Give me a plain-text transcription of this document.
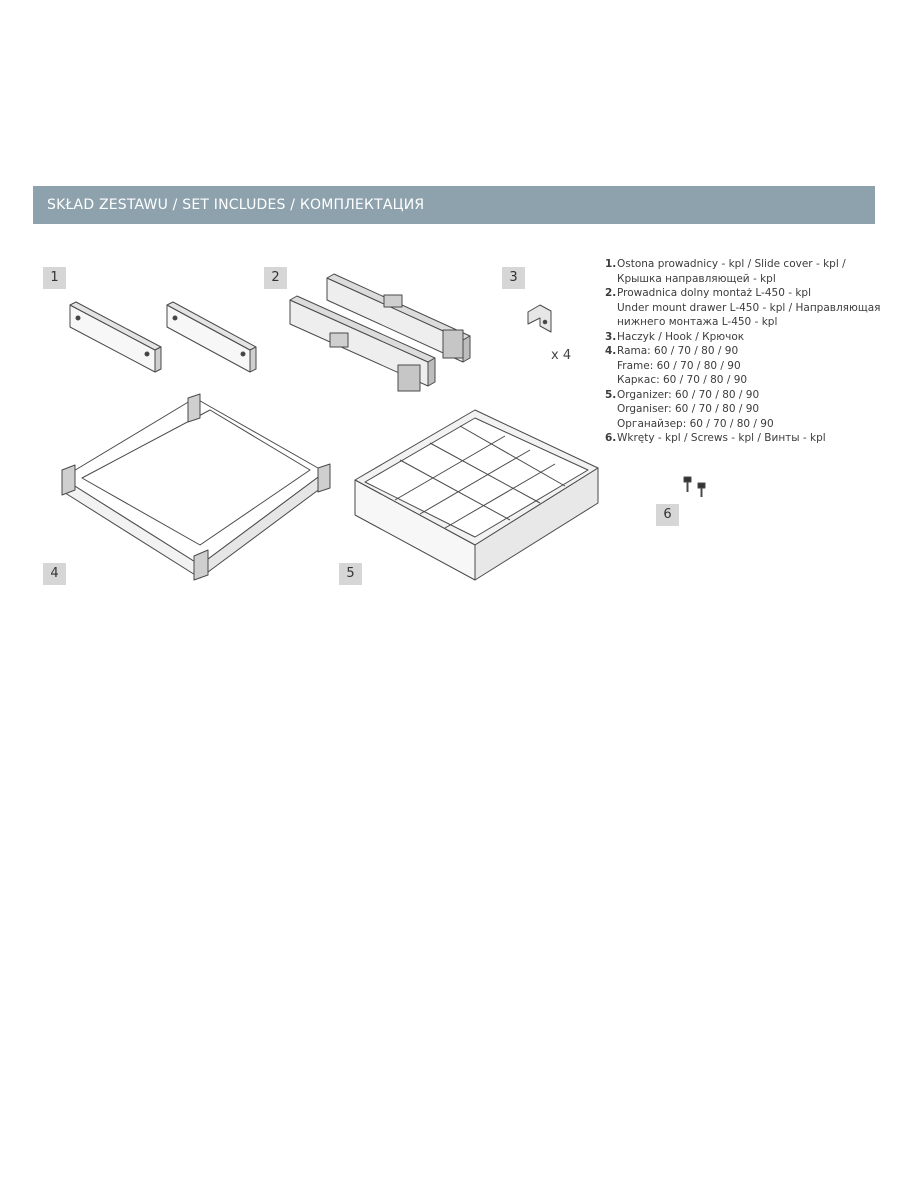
SKŁAD ZESTAWU / SET INCLUDES / КОМПЛЕКТАЦИЯ
1	2	3
4	5
6
x 4
1. Ostona prowadnicy - kpl / Slide cover - kpl /
Крышка направляющей - kpl
2. Prowadnica dolny montaż L-450 - kpl
Under mount drawer L-450 - kpl / Направляющая
нижнего монтажа L-450 - kpl
3. Haczyk / Hook / Крючок
4. Rama: 60 / 70 / 80 / 90
Frame: 60 / 70 / 80 / 90
Каркас: 60 / 70 / 80 / 90
5. Organizer: 60 / 70 / 80 / 90
Organiser: 60 / 70 / 80 / 90
Органайзер: 60 / 70 / 80 / 90
6. Wkręty - kpl / Screws - kpl / Винты - kpl
